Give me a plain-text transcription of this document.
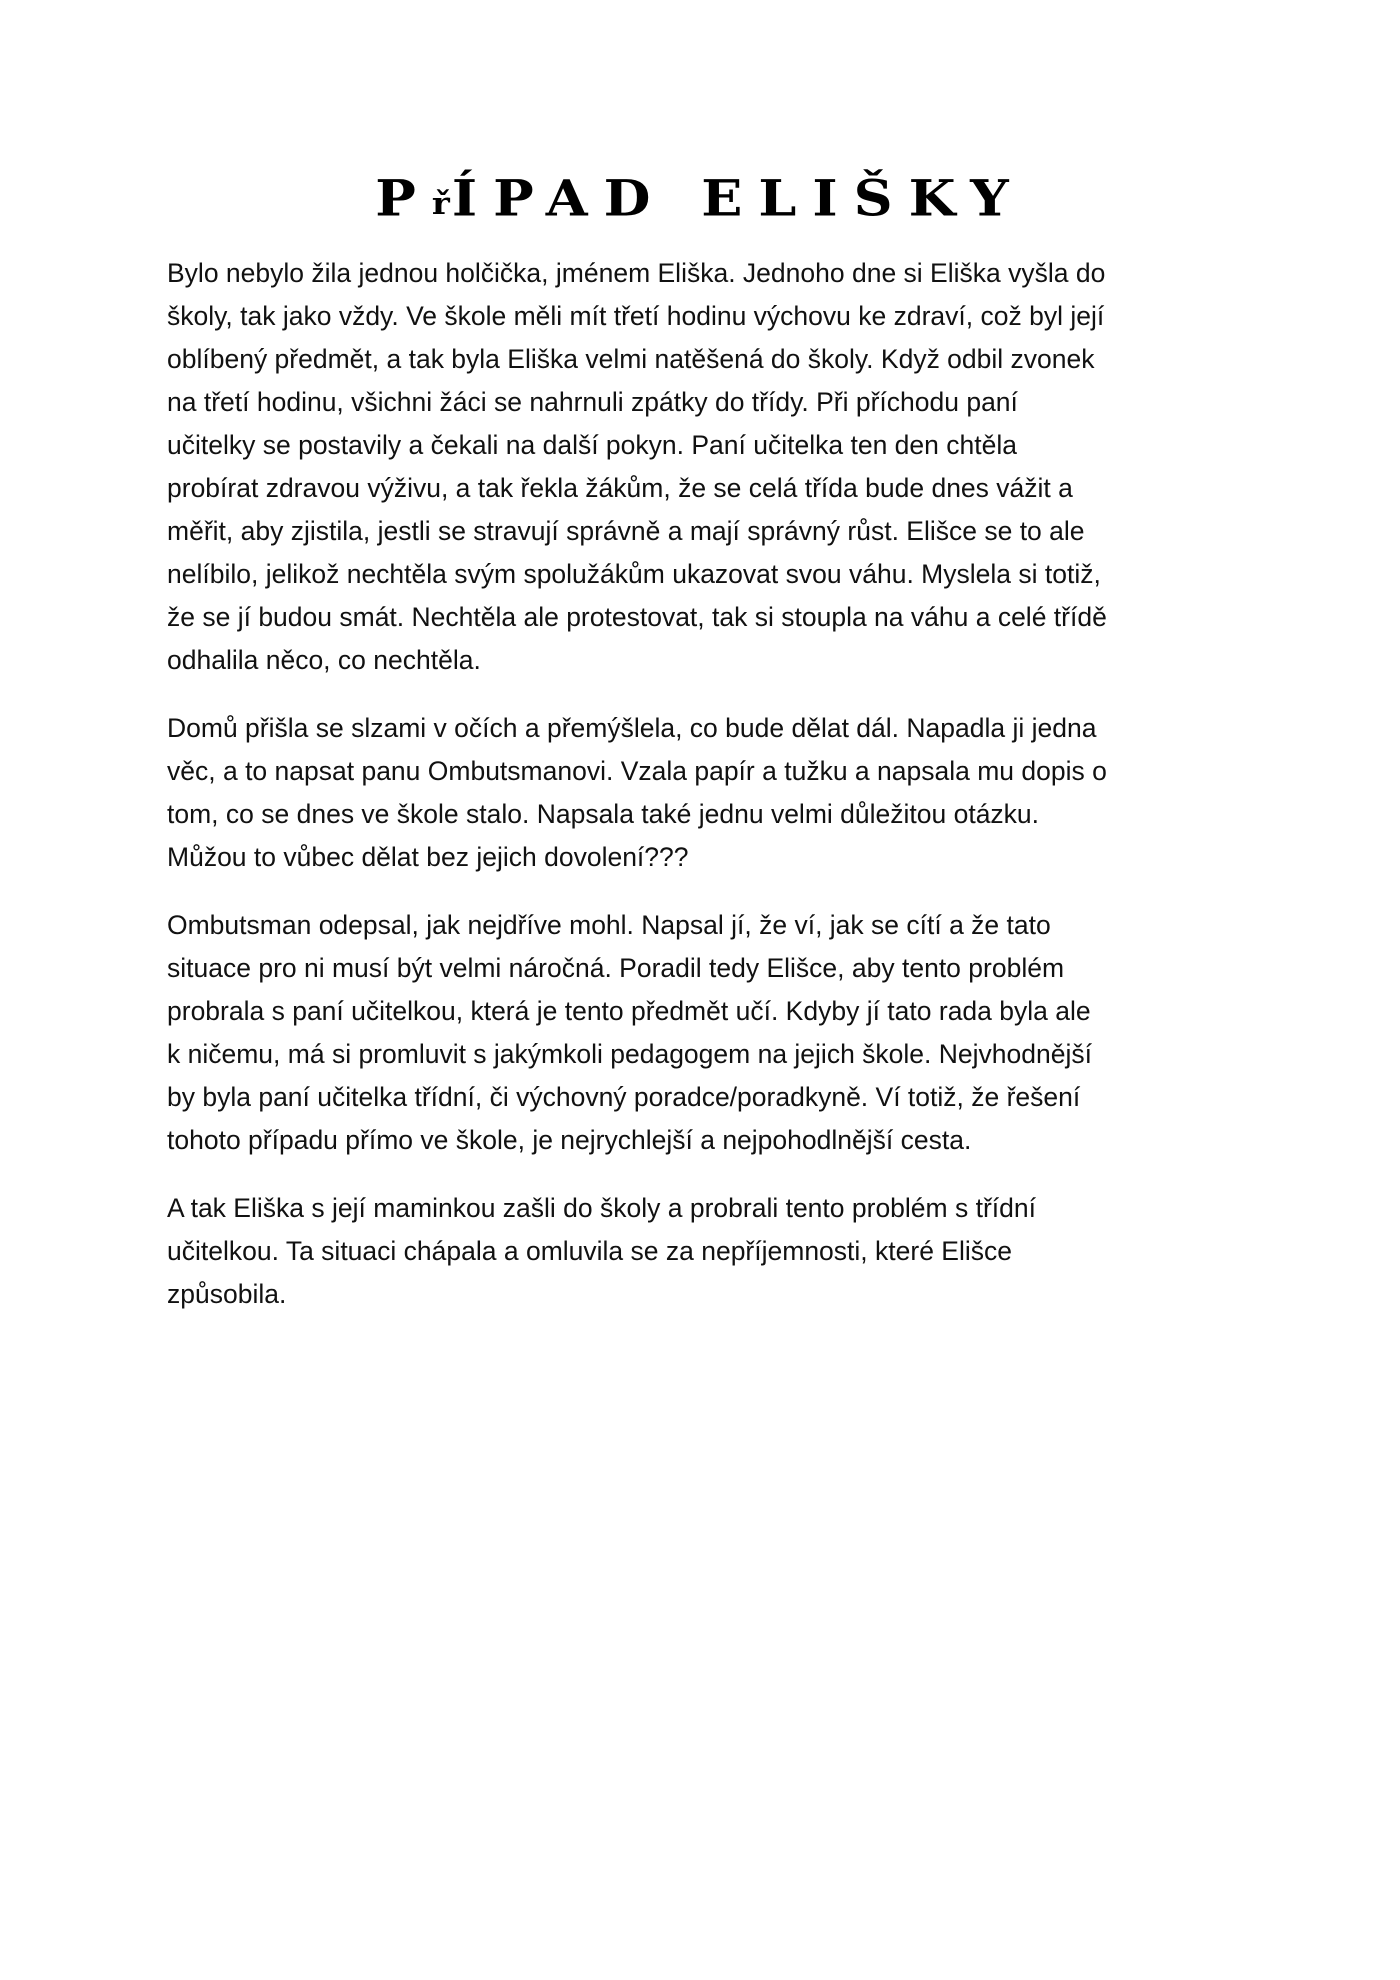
PřÍPAD ELIŠKY

Bylo nebylo žila jednou holčička, jménem Eliška. Jednoho dne si Eliška vyšla do
školy, tak jako vždy. Ve škole měli mít třetí hodinu výchovu ke zdraví, což byl její
oblíbený předmět, a tak byla Eliška velmi natěšená do školy. Když odbil zvonek
na třetí hodinu, všichni žáci se nahrnuli zpátky do třídy. Při příchodu paní
učitelky se postavily a čekali na další pokyn. Paní učitelka ten den chtěla
probírat zdravou výživu, a tak řekla žákům, že se celá třída bude dnes vážit a
měřit, aby zjistila, jestli se stravují správně a mají správný růst. Elišce se to ale
nelíbilo, jelikož nechtěla svým spolužákům ukazovat svou váhu. Myslela si totiž,
že se jí budou smát. Nechtěla ale protestovat, tak si stoupla na váhu a celé třídě
odhalila něco, co nechtěla.

Domů přišla se slzami v očích a přemýšlela, co bude dělat dál. Napadla ji jedna
věc, a to napsat panu Ombutsmanovi. Vzala papír a tužku a napsala mu dopis o
tom, co se dnes ve škole stalo. Napsala také jednu velmi důležitou otázku.
Můžou to vůbec dělat bez jejich dovolení???

Ombutsman odepsal, jak nejdříve mohl. Napsal jí, že ví, jak se cítí a že tato
situace pro ni musí být velmi náročná. Poradil tedy Elišce, aby tento problém
probrala s paní učitelkou, která je tento předmět učí. Kdyby jí tato rada byla ale
k ničemu, má si promluvit s jakýmkoli pedagogem na jejich škole. Nejvhodnější
by byla paní učitelka třídní, či výchovný poradce/poradkyně. Ví totiž, že řešení
tohoto případu přímo ve škole, je nejrychlejší a nejpohodlnější cesta.

A tak Eliška s její maminkou zašli do školy a probrali tento problém s třídní
učitelkou. Ta situaci chápala a omluvila se za nepříjemnosti, které Elišce
způsobila.
